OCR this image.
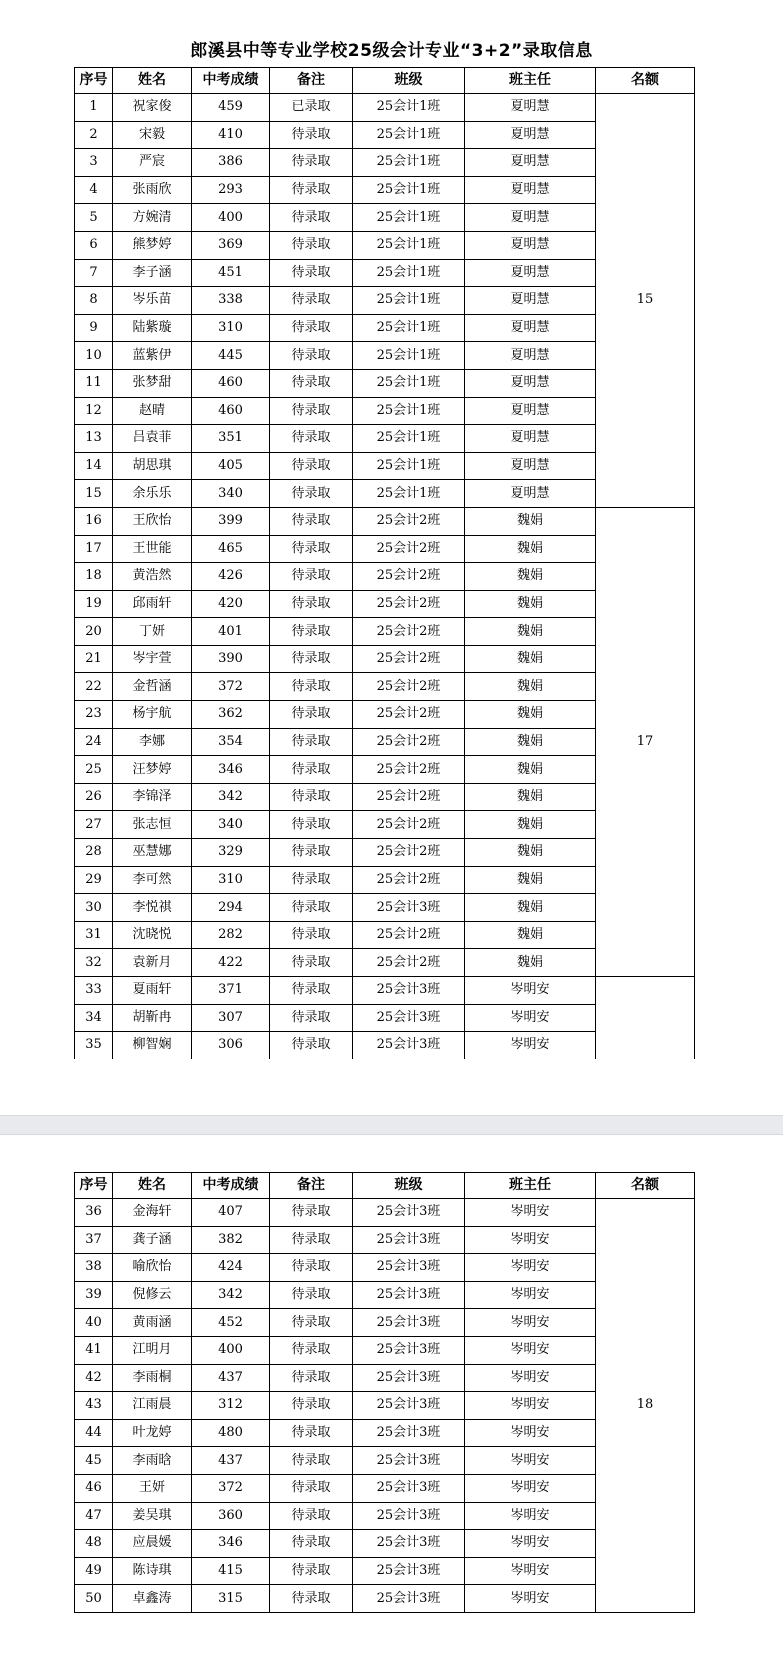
郎溪县中等专业学校25级会计专业“3+2”录取信息
序号	姓名	中考成绩	备注	班级	班主任	名额
1	祝家俊	459	已录取	25会计1班	夏明慧	15
2	宋毅	410	待录取	25会计1班	夏明慧	
3	严宸	386	待录取	25会计1班	夏明慧	
4	张雨欣	293	待录取	25会计1班	夏明慧	
5	方婉清	400	待录取	25会计1班	夏明慧	
6	熊梦婷	369	待录取	25会计1班	夏明慧	
7	李子涵	451	待录取	25会计1班	夏明慧	
8	岑乐苗	338	待录取	25会计1班	夏明慧	
9	陆紫璇	310	待录取	25会计1班	夏明慧	
10	蓝紫伊	445	待录取	25会计1班	夏明慧	
11	张梦甜	460	待录取	25会计1班	夏明慧	
12	赵晴	460	待录取	25会计1班	夏明慧	
13	吕袁菲	351	待录取	25会计1班	夏明慧	
14	胡思琪	405	待录取	25会计1班	夏明慧	
15	余乐乐	340	待录取	25会计1班	夏明慧	
16	王欣怡	399	待录取	25会计2班	魏娟	17
17	王世能	465	待录取	25会计2班	魏娟	
18	黄浩然	426	待录取	25会计2班	魏娟	
19	邱雨轩	420	待录取	25会计2班	魏娟	
20	丁妍	401	待录取	25会计2班	魏娟	
21	岑宇萱	390	待录取	25会计2班	魏娟	
22	金哲涵	372	待录取	25会计2班	魏娟	
23	杨宇航	362	待录取	25会计2班	魏娟	
24	李娜	354	待录取	25会计2班	魏娟	
25	汪梦婷	346	待录取	25会计2班	魏娟	
26	李锦泽	342	待录取	25会计2班	魏娟	
27	张志恒	340	待录取	25会计2班	魏娟	
28	巫慧娜	329	待录取	25会计2班	魏娟	
29	李可然	310	待录取	25会计2班	魏娟	
30	李悦祺	294	待录取	25会计3班	魏娟	
31	沈晓悦	282	待录取	25会计2班	魏娟	
32	袁新月	422	待录取	25会计2班	魏娟	
33	夏雨轩	371	待录取	25会计3班	岑明安	
34	胡靳冉	307	待录取	25会计3班	岑明安	
35	柳智娴	306	待录取	25会计3班	岑明安	
序号	姓名	中考成绩	备注	班级	班主任	名额
36	金海轩	407	待录取	25会计3班	岑明安	18
37	龚子涵	382	待录取	25会计3班	岑明安	
38	喻欣怡	424	待录取	25会计3班	岑明安	
39	倪修云	342	待录取	25会计3班	岑明安	
40	黄雨涵	452	待录取	25会计3班	岑明安	
41	江明月	400	待录取	25会计3班	岑明安	
42	李雨桐	437	待录取	25会计3班	岑明安	
43	江雨晨	312	待录取	25会计3班	岑明安	
44	叶龙婷	480	待录取	25会计3班	岑明安	
45	李雨晗	437	待录取	25会计3班	岑明安	
46	王妍	372	待录取	25会计3班	岑明安	
47	姜吴琪	360	待录取	25会计3班	岑明安	
48	应晨媛	346	待录取	25会计3班	岑明安	
49	陈诗琪	415	待录取	25会计3班	岑明安	
50	卓鑫涛	315	待录取	25会计3班	岑明安	
